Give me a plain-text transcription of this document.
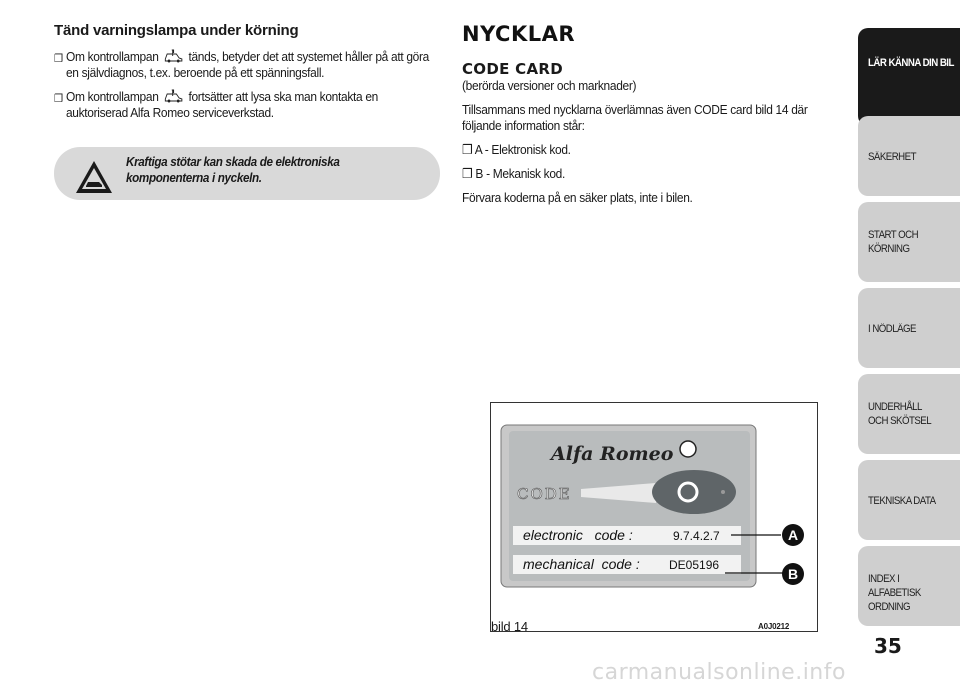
Tänd varningslampa under körning
❒ Om kontrollampan tänds, betyder det att systemet håller på att göra en självdiagnos, t.ex. beroende på ett spänningsfall.
❒ Om kontrollampan fortsätter att lysa ska man kontakta en auktoriserad Alfa Romeo serviceverkstad.
Kraftiga stötar kan skada de elektroniska komponenterna i nyckeln.
NYCKLAR
CODE CARD
(berörda versioner och marknader)
Tillsammans med nycklarna överlämnas även CODE card bild 14 där följande information står:
❒ A - Elektronisk kod.
❒ B - Mekanisk kod.
Förvara koderna på en säker plats, inte i bilen.
Alfa Romeo
CODE
electronic   code :	9.7.4.2.7
mechanical  code : DE05196
A
B
bild 14	A0J0212
LÄR KÄNNA DIN BIL
SÄKERHET
START OCH KÖRNING
I NÖDLÄGE
UNDERHÅLL OCH SKÖTSEL
TEKNISKA DATA
INDEX I ALFABETISK ORDNING
35
carmanualsonline.info
